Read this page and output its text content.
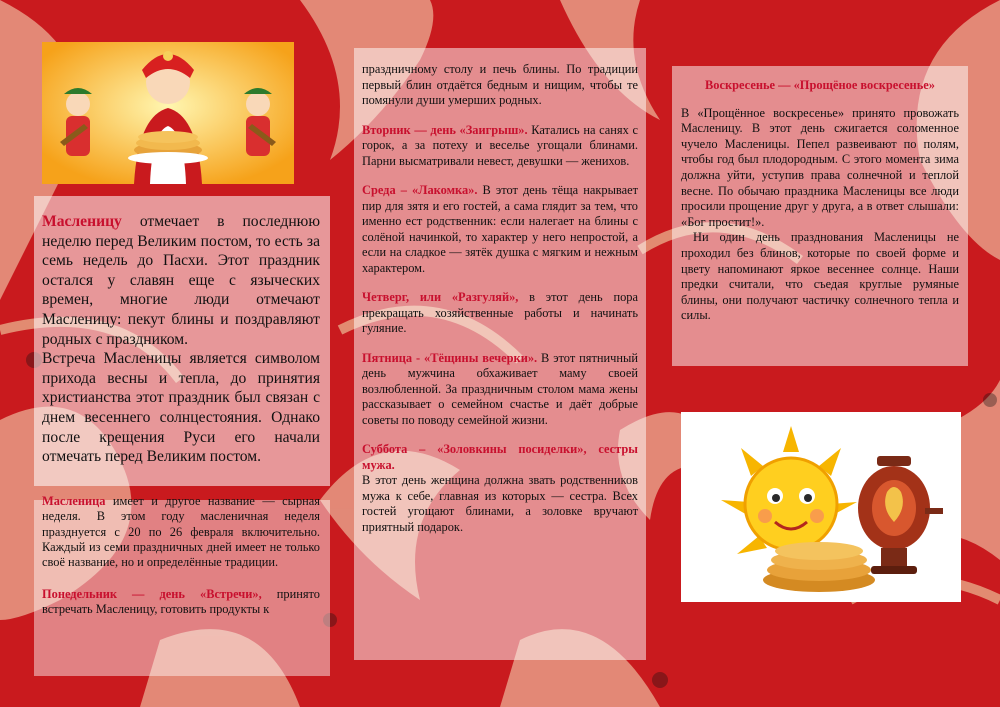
Масленицу отмечает в последнюю неделю перед Великим постом, то есть за семь недель до Пасхи. Этот праздник остался у славян еще с языческих времен, многие люди отмечают Масленицу: пекут блины и поздравляют родных с праздником.
Встреча Масленицы является символом прихода весны и тепла, до принятия христианства этот праздник был связан с днем весеннего солнцестояния. Однако после крещения Руси его начали отмечать перед Великим постом.

Масленица имеет и другое название — сырная неделя. В этом году масленичная неделя празднуется с 20 по 26 февраля включительно. Каждый из семи праздничных дней имеет не только своё название, но и определённые традиции.

Понедельник — день «Встречи», принято встречать Масленицу, готовить продукты к

праздничному столу и печь блины. По традиции первый блин отдаётся бедным и нищим, чтобы те помянули души умерших родных.

Вторник — день «Заигрыш». Катались на санях с горок, а за потеху и веселье угощали блинами. Парни высматривали невест, девушки — женихов.

Среда – «Лакомка». В этот день тёща накрывает пир для зятя и его гостей, а сама глядит за тем, что именно ест родственник: если налегает на блины с солёной начинкой, то характер у него непростой, а если на сладкое — зятёк душка с мягким и нежным характером.

Четверг, или «Разгуляй», в этот день пора прекращать хозяйственные работы и начинать гуляние.

Пятница - «Тёщины вечерки». В этот пятничный день мужчина обхаживает маму своей возлюбленной. За праздничным столом мама жены рассказывает о семейном счастье и даёт добрые советы по поводу семейной жизни.

Суббота – «Золовкины посиделки», сестры мужа.
В этот день женщина должна звать родственников мужа к себе, главная из которых — сестра. Всех гостей угощают блинами, а золовке вручают приятный подарок.

Воскресенье — «Прощёное воскресенье»

В «Прощённое воскресенье» принято провожать Масленицу. В этот день сжигается соломенное чучело Масленицы. Пепел развеивают по полям, чтобы год был плодородным. С этого момента зима должна уйти, уступив права солнечной и теплой весне. По обычаю праздника Масленицы все люди просили прощение друг у друга, а в ответ слышали: «Бог простит!».

Ни один день празднования Масленицы не проходил без блинов, которые по своей форме и цвету напоминают яркое весеннее солнце. Наши предки считали, что съедая круглые румяные блины, они получают частичку солнечного тепла и силы.
